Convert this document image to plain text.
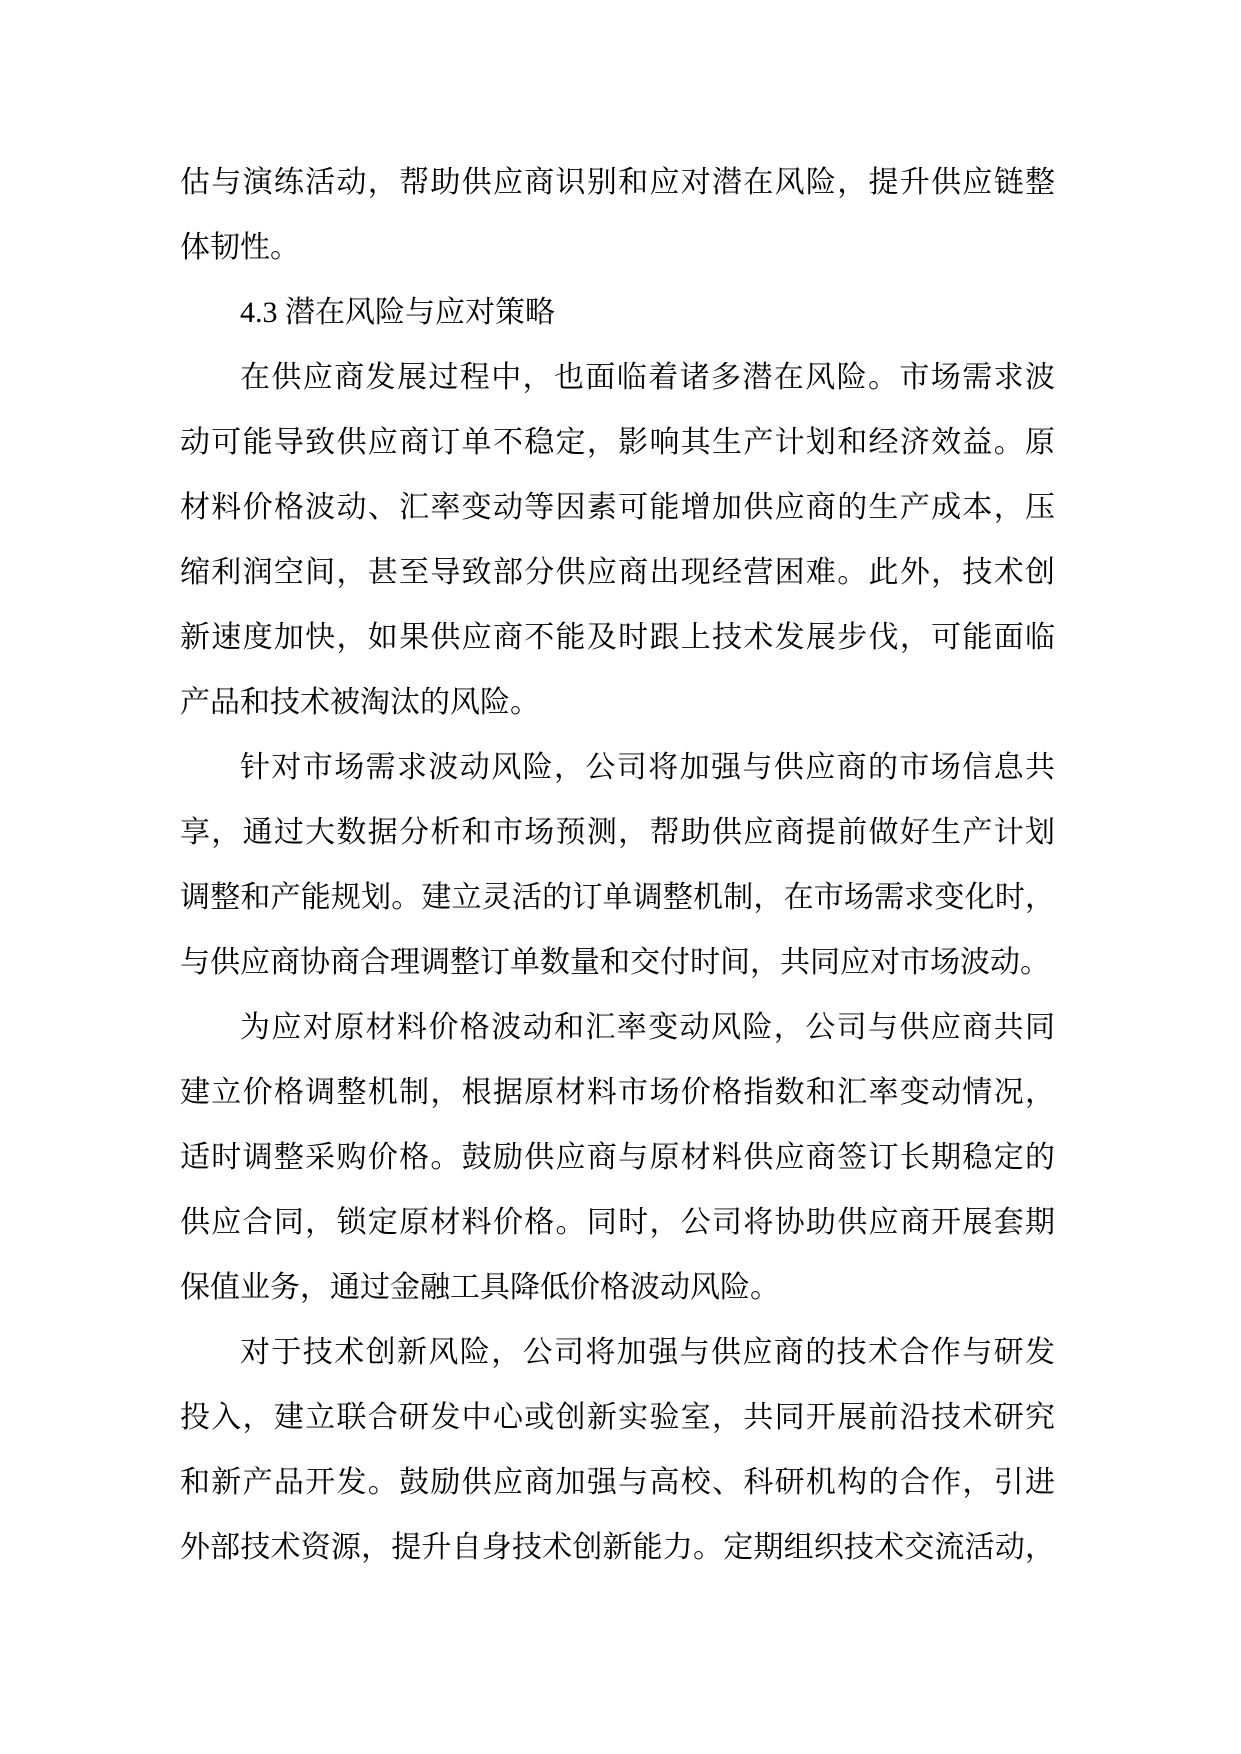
估与演练活动，帮助供应商识别和应对潜在风险，提升供应链整
体韧性。
4.3 潜在风险与应对策略
在供应商发展过程中，也面临着诸多潜在风险。市场需求波
动可能导致供应商订单不稳定，影响其生产计划和经济效益。原
材料价格波动、汇率变动等因素可能增加供应商的生产成本，压
缩利润空间，甚至导致部分供应商出现经营困难。此外，技术创
新速度加快，如果供应商不能及时跟上技术发展步伐，可能面临
产品和技术被淘汰的风险。
针对市场需求波动风险，公司将加强与供应商的市场信息共
享，通过大数据分析和市场预测，帮助供应商提前做好生产计划
调整和产能规划。建立灵活的订单调整机制，在市场需求变化时，
与供应商协商合理调整订单数量和交付时间，共同应对市场波动。
为应对原材料价格波动和汇率变动风险，公司与供应商共同
建立价格调整机制，根据原材料市场价格指数和汇率变动情况，
适时调整采购价格。鼓励供应商与原材料供应商签订长期稳定的
供应合同，锁定原材料价格。同时，公司将协助供应商开展套期
保值业务，通过金融工具降低价格波动风险。
对于技术创新风险，公司将加强与供应商的技术合作与研发
投入，建立联合研发中心或创新实验室，共同开展前沿技术研究
和新产品开发。鼓励供应商加强与高校、科研机构的合作，引进
外部技术资源，提升自身技术创新能力。定期组织技术交流活动，
